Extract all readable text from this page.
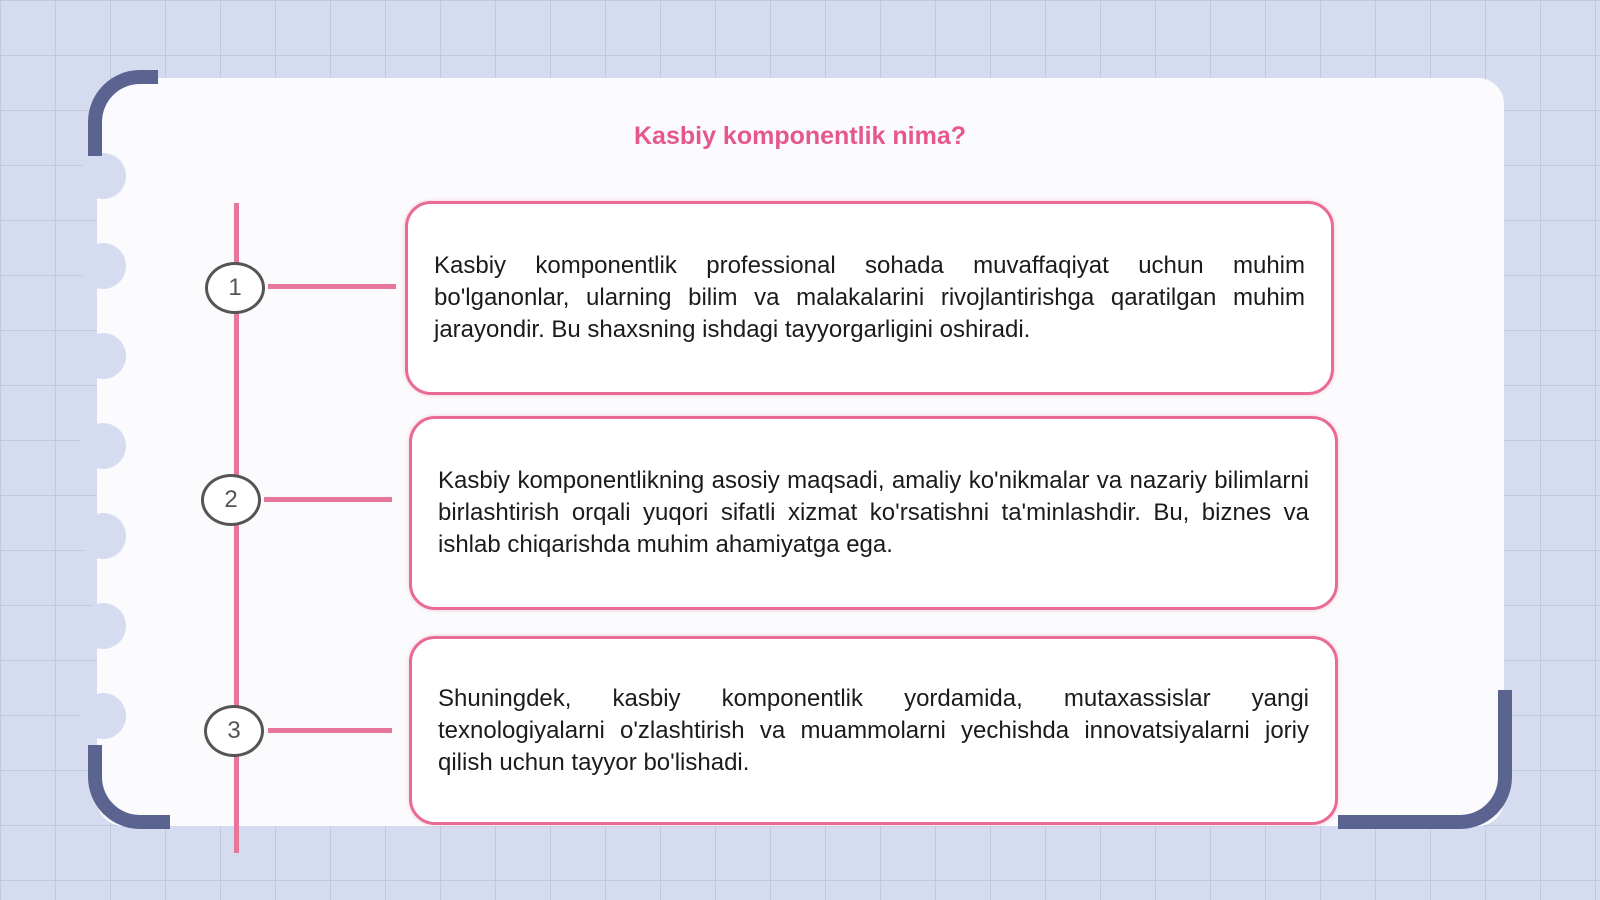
Kasbiy komponentlik nima?
1
Kasbiy komponentlik professional sohada muvaffaqiyat uchun muhim bo'lganonlar, ularning bilim va malakalarini rivojlantirishga qaratilgan muhim jarayondir. Bu shaxsning ishdagi tayyorgarligini oshiradi.
2
Kasbiy komponentlikning asosiy maqsadi, amaliy ko'nikmalar va nazariy bilimlarni birlashtirish orqali yuqori sifatli xizmat ko'rsatishni ta'minlashdir. Bu, biznes va ishlab chiqarishda muhim ahamiyatga ega.
3
Shuningdek, kasbiy komponentlik yordamida, mutaxassislar yangi texnologiyalarni o'zlashtirish va muammolarni yechishda innovatsiyalarni joriy qilish uchun tayyor bo'lishadi.
